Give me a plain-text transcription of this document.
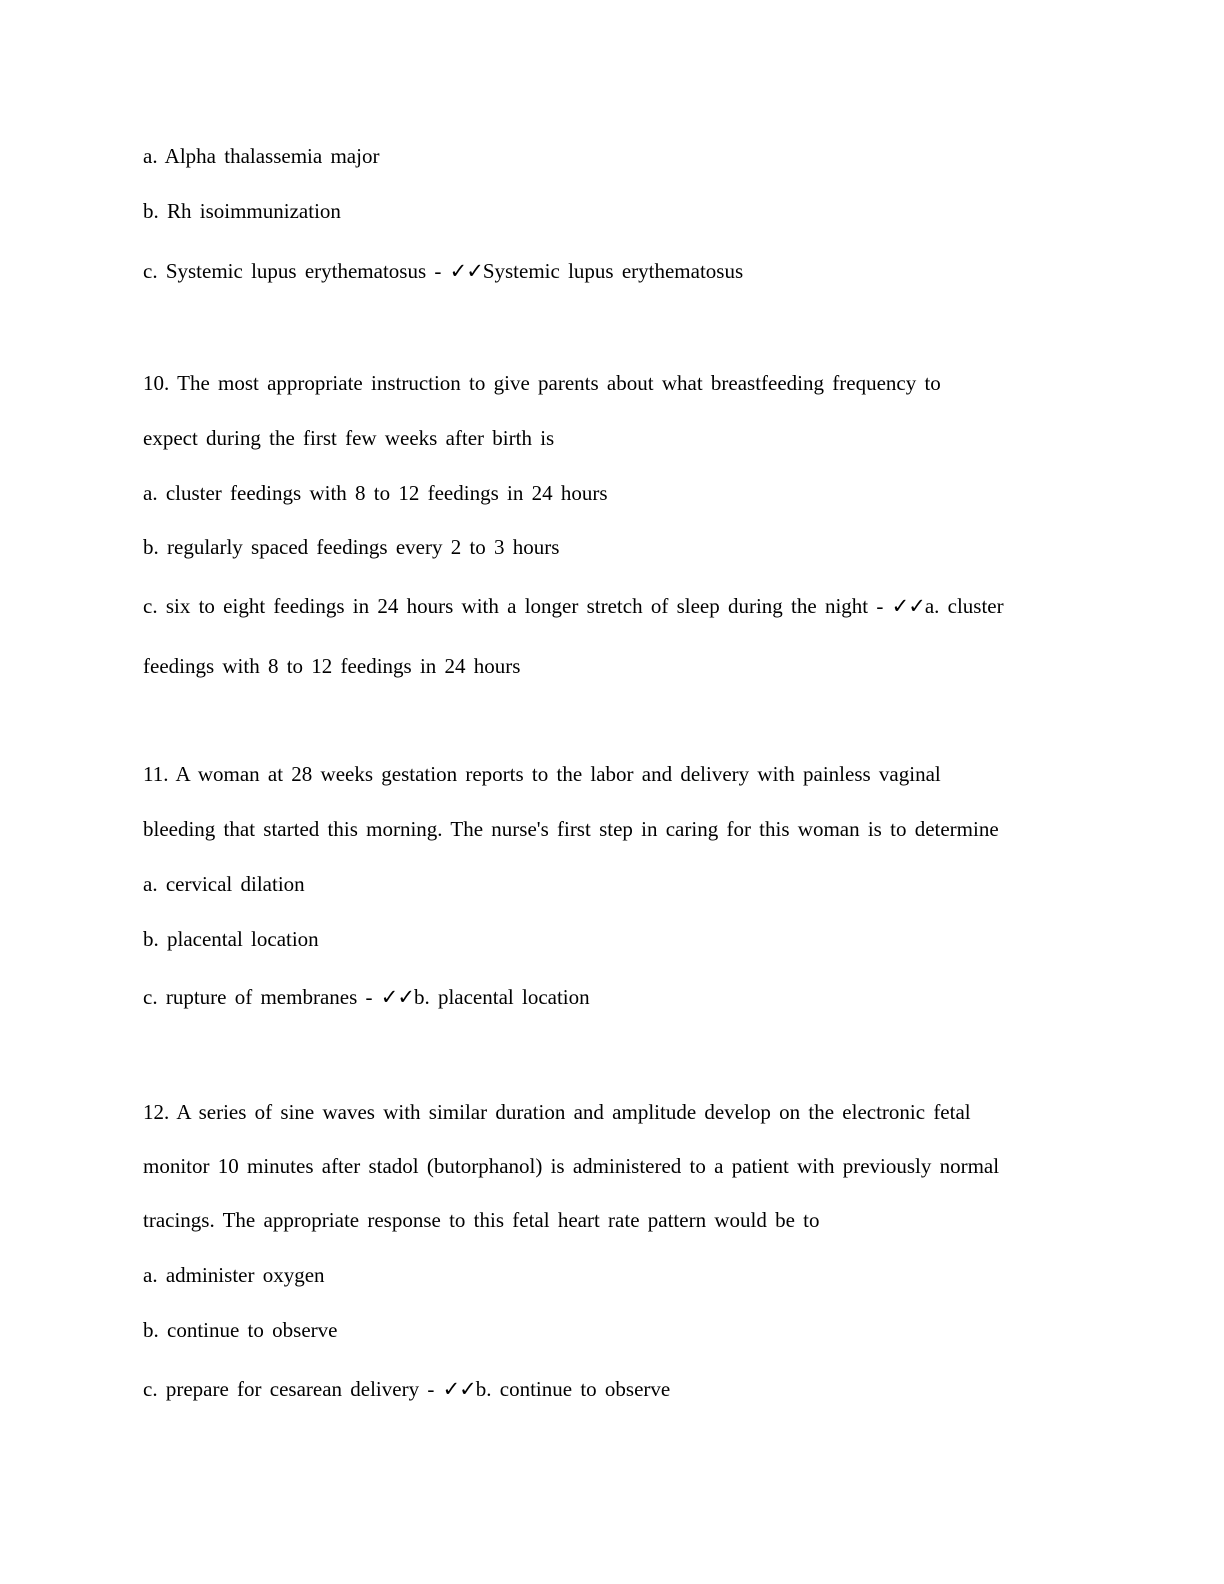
a. Alpha thalassemia major
b. Rh isoimmunization
c. Systemic lupus erythematosus - ✓✓Systemic lupus erythematosus
10. The most appropriate instruction to give parents about what breastfeeding frequency to
expect during the first few weeks after birth is
a. cluster feedings with 8 to 12 feedings in 24 hours
b. regularly spaced feedings every 2 to 3 hours
c. six to eight feedings in 24 hours with a longer stretch of sleep during the night - ✓✓a. cluster
feedings with 8 to 12 feedings in 24 hours
11. A woman at 28 weeks gestation reports to the labor and delivery with painless vaginal
bleeding that started this morning. The nurse's first step in caring for this woman is to determine
a. cervical dilation
b. placental location
c. rupture of membranes - ✓✓b. placental location
12. A series of sine waves with similar duration and amplitude develop on the electronic fetal
monitor 10 minutes after stadol (butorphanol) is administered to a patient with previously normal
tracings. The appropriate response to this fetal heart rate pattern would be to
a. administer oxygen
b. continue to observe
c. prepare for cesarean delivery - ✓✓b. continue to observe
